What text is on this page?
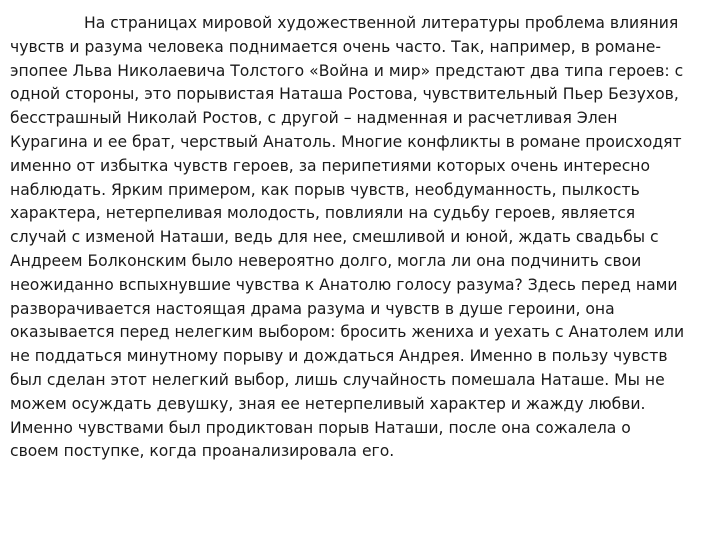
На страницах мировой художественной литературы проблема влияния
чувств и разума человека поднимается очень часто. Так, например, в романе-
эпопее Льва Николаевича Толстого «Война и мир» предстают два типа героев: с
одной стороны, это порывистая Наташа Ростова, чувствительный Пьер Безухов,
бесстрашный Николай Ростов, с другой – надменная и расчетливая Элен
Курагина и ее брат, черствый Анатоль. Многие конфликты в романе происходят
именно от избытка чувств героев, за перипетиями которых очень интересно
наблюдать. Ярким примером, как порыв чувств, необдуманность, пылкость
характера, нетерпеливая молодость, повлияли на судьбу героев, является
случай с изменой Наташи, ведь для нее, смешливой и юной, ждать свадьбы с
Андреем Болконским было невероятно долго, могла ли она подчинить свои
неожиданно вспыхнувшие чувства к Анатолю голосу разума? Здесь перед нами
разворачивается настоящая драма разума и чувств в душе героини, она
оказывается перед нелегким выбором: бросить жениха и уехать с Анатолем или
не поддаться минутному порыву и дождаться Андрея. Именно в пользу чувств
был сделан этот нелегкий выбор, лишь случайность помешала Наташе. Мы не
можем осуждать девушку, зная ее нетерпеливый характер и жажду любви.
Именно чувствами был продиктован порыв Наташи, после она сожалела о
своем поступке, когда проанализировала его.
